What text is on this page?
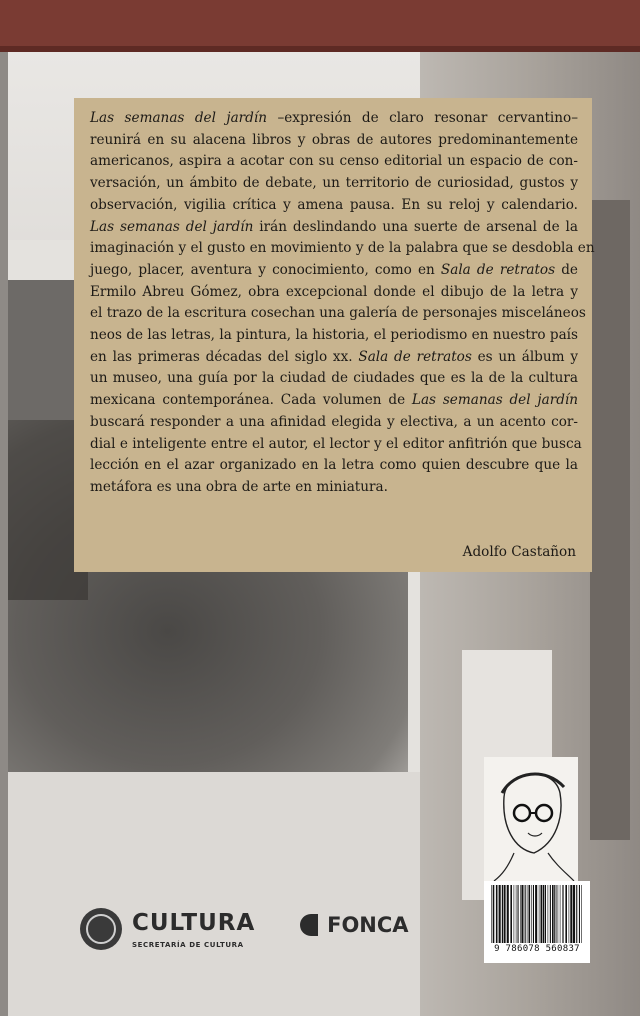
Las semanas del jardín –expresión de claro resonar cervantino–
reunirá en su alacena libros y obras de autores predominantemente
americanos, aspira a acotar con su censo editorial un espacio de con-
versación, un ámbito de debate, un territorio de curiosidad, gustos y
observación, vigilia crítica y amena pausa. En su reloj y calendario.
Las semanas del jardín irán deslindando una suerte de arsenal de la
imaginación y el gusto en movimiento y de la palabra que se desdobla en
juego, placer, aventura y conocimiento, como en Sala de retratos de
Ermilo Abreu Gómez, obra excepcional donde el dibujo de la letra y
el trazo de la escritura cosechan una galería de personajes misceláneos
neos de las letras, la pintura, la historia, el periodismo en nuestro país
en las primeras décadas del siglo xx. Sala de retratos es un álbum y
un museo, una guía por la ciudad de ciudades que es la de la cultura
mexicana contemporánea. Cada volumen de Las semanas del jardín
buscará responder a una afinidad elegida y electiva, a un acento cor-
dial e inteligente entre el autor, el lector y el editor anfitrión que busca
lección en el azar organizado en la letra como quien descubre que la
metáfora es una obra de arte en miniatura.

Adolfo Castañon
9 786078 560837
CULTURA
SECRETARÍA DE CULTURA
FONCA
